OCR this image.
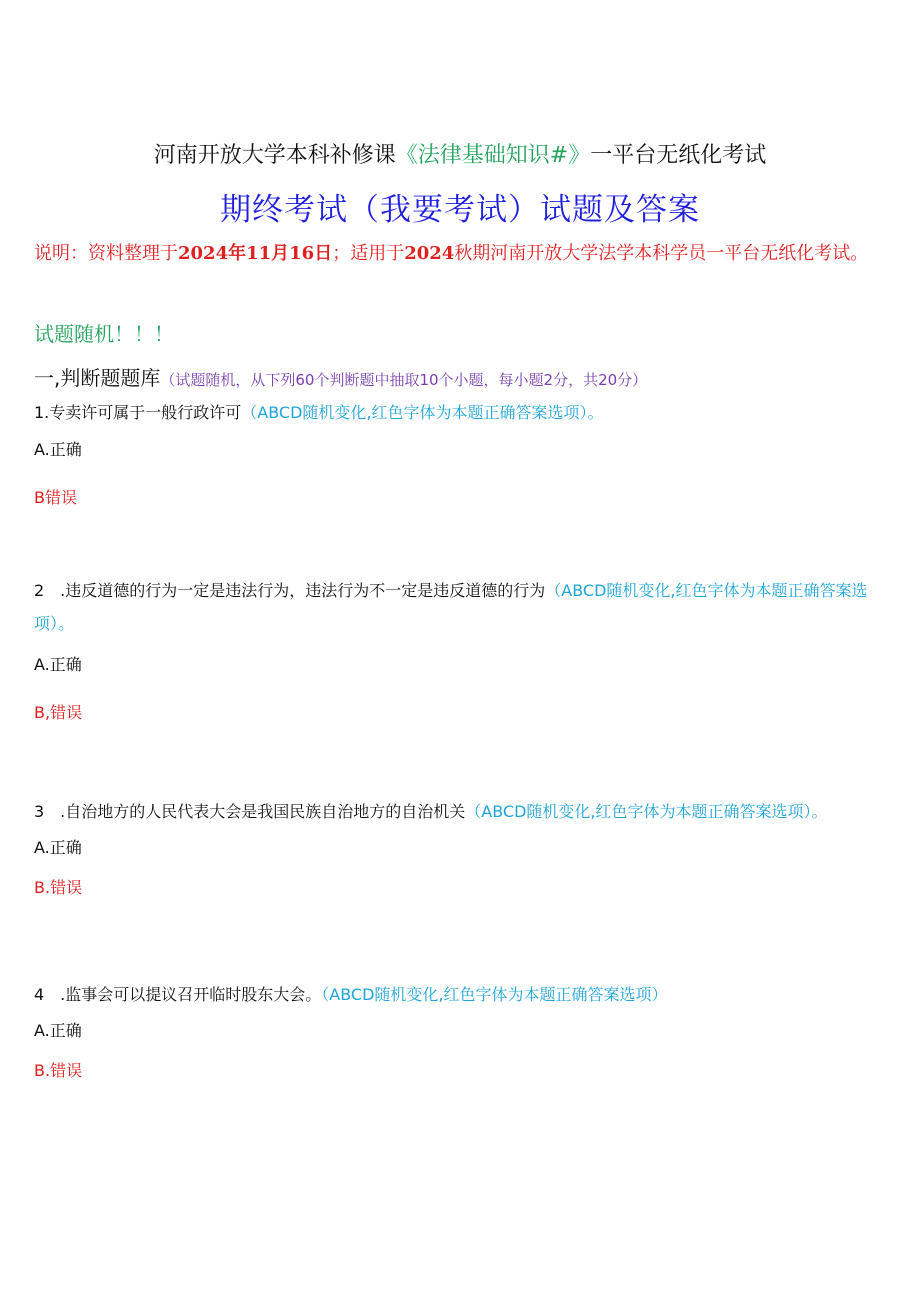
河南开放大学本科补修课《法律基础知识#》一平台无纸化考试
期终考试（我要考试）试题及答案
说明：资料整理于2024年11月16日；适用于2024秋期河南开放大学法学本科学员一平台无纸化考试。
试题随机！！！
一,判断题题库（试题随机，从下列60个判断题中抽取10个小题，每小题2分，共20分）
1.专卖许可属于一般行政许可（ABCD随机变化,红色字体为本题正确答案选项）。
A.正确
B错误
2　.违反道德的行为一定是违法行为，违法行为不一定是违反道德的行为（ABCD随机变化,红色字体为本题正确答案选项）。
A.正确
B,错误
3　.自治地方的人民代表大会是我国民族自治地方的自治机关（ABCD随机变化,红色字体为本题正确答案选项）。
A.正确
B.错误
4　.监事会可以提议召开临时股东大会。（ABCD随机变化,红色字体为本题正确答案选项）
A.正确
B.错误
